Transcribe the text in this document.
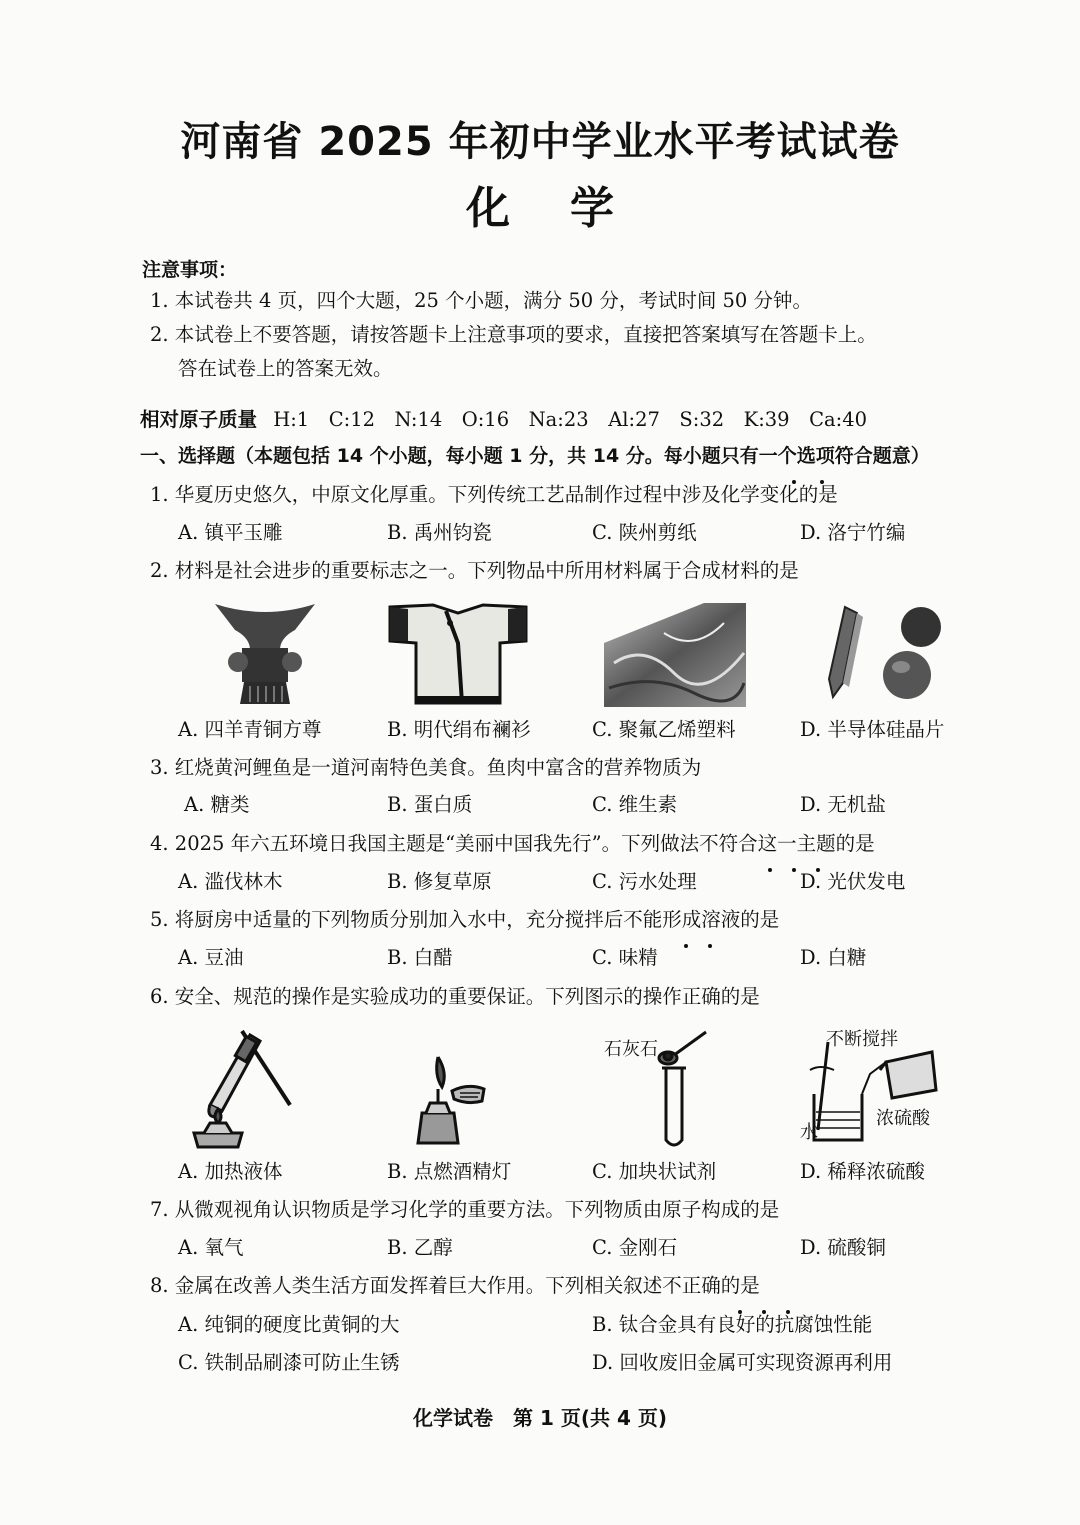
河南省 2025 年初中学业水平考试试卷
化学
注意事项：
1. 本试卷共 4 页，四个大题，25 个小题，满分 50 分，考试时间 50 分钟。
2. 本试卷上不要答题，请按答题卡上注意事项的要求，直接把答案填写在答题卡上。
答在试卷上的答案无效。
相对原子质量 H:1　C:12　N:14　O:16　Na:23　Al:27　S:32　K:39　Ca:40
一、选择题（本题包括 14 个小题，每小题 1 分，共 14 分。每小题只有一个选项符合题意）
1. 华夏历史悠久，中原文化厚重。下列传统工艺品制作过程中涉及化学变化的是
A. 镇平玉雕	B. 禹州钧瓷	C. 陕州剪纸	D. 洛宁竹编
2. 材料是社会进步的重要标志之一。下列物品中所用材料属于合成材料的是
A. 四羊青铜方尊	B. 明代绢布襕衫	C. 聚氟乙烯塑料	D. 半导体硅晶片
3. 红烧黄河鲤鱼是一道河南特色美食。鱼肉中富含的营养物质为
A. 糖类	B. 蛋白质	C. 维生素	D. 无机盐
4. 2025 年六五环境日我国主题是“美丽中国我先行”。下列做法不符合这一主题的是
A. 滥伐林木	B. 修复草原	C. 污水处理	D. 光伏发电
5. 将厨房中适量的下列物质分别加入水中，充分搅拌后不能形成溶液的是
A. 豆油	B. 白醋	C. 味精	D. 白糖
6. 安全、规范的操作是实验成功的重要保证。下列图示的操作正确的是
石灰石	不断搅拌
浓硫酸
水
A. 加热液体	B. 点燃酒精灯	C. 加块状试剂	D. 稀释浓硫酸
7. 从微观视角认识物质是学习化学的重要方法。下列物质由原子构成的是
A. 氧气	B. 乙醇	C. 金刚石	D. 硫酸铜
8. 金属在改善人类生活方面发挥着巨大作用。下列相关叙述不正确的是
A. 纯铜的硬度比黄铜的大	B. 钛合金具有良好的抗腐蚀性能
C. 铁制品刷漆可防止生锈	D. 回收废旧金属可实现资源再利用
化学试卷　第 1 页(共 4 页)
